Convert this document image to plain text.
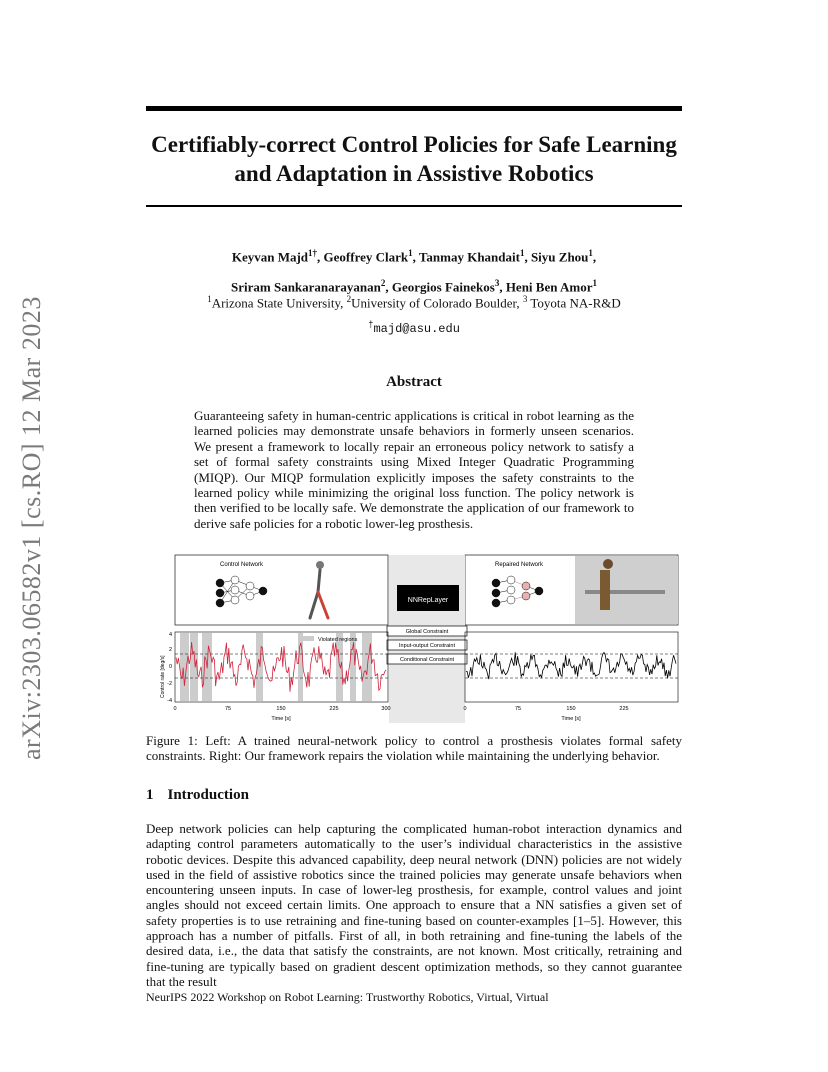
arXiv:2303.06582v1 [cs.RO] 12 Mar 2023
Certifiably-correct Control Policies for Safe Learning
and Adaptation in Assistive Robotics
Keyvan Majd$^{1\dagger}$, Geoffrey Clark$^1$, Tanmay Khandait$^1$, Siyu Zhou$^1$,
Sriram Sankaranarayanan$^2$, Georgios Fainekos$^3$, Heni Ben Amor$^1$
$^1$Arizona State University, $^2$University of Colorado Boulder, $^3$ Toyota NA-R&D
†majd@asu.edu
Abstract
Guaranteeing safety in human-centric applications is critical in robot learning as the learned policies may demonstrate unsafe behaviors in formerly unseen scenarios. We present a framework to locally repair an erroneous policy network to satisfy a set of formal safety constraints using Mixed Integer Quadratic Programming (MIQP). Our MIQP formulation explicitly imposes the safety constraints to the learned policy while minimizing the original loss function. The policy network is then verified to be locally safe. We demonstrate the application of our framework to derive safe policies for a robotic lower-leg prosthesis.
Control Network	Repaired Network
NNRepLayer
Global Constraint
Input-output Constraint
Conditional Constraint
Violated regions
4
2
0
-2
-4
Control rate [deg/s]
0	75	150	225	300
Time [s]
0	75	150	225
Time [s]
Figure 1: Left: A trained neural-network policy to control a prosthesis violates formal safety constraints. Right: Our framework repairs the violation while maintaining the underlying behavior.
1 Introduction
Deep network policies can help capturing the complicated human-robot interaction dynamics and adapting control parameters automatically to the user’s individual characteristics in the assistive robotic devices. Despite this advanced capability, deep neural network (DNN) policies are not widely used in the field of assistive robotics since the trained policies may generate unsafe behaviors when encountering unseen inputs. In case of lower-leg prosthesis, for example, control values and joint angles should not exceed certain limits. One approach to ensure that a NN satisfies a given set of safety properties is to use retraining and fine-tuning based on counter-examples [1–5]. However, this approach has a number of pitfalls. First of all, in both retraining and fine-tuning the labels of the desired data, i.e., the data that satisfy the constraints, are not known. Most critically, retraining and fine-tuning are typically based on gradient descent optimization methods, so they cannot guarantee that the result
NeurIPS 2022 Workshop on Robot Learning: Trustworthy Robotics, Virtual, Virtual
